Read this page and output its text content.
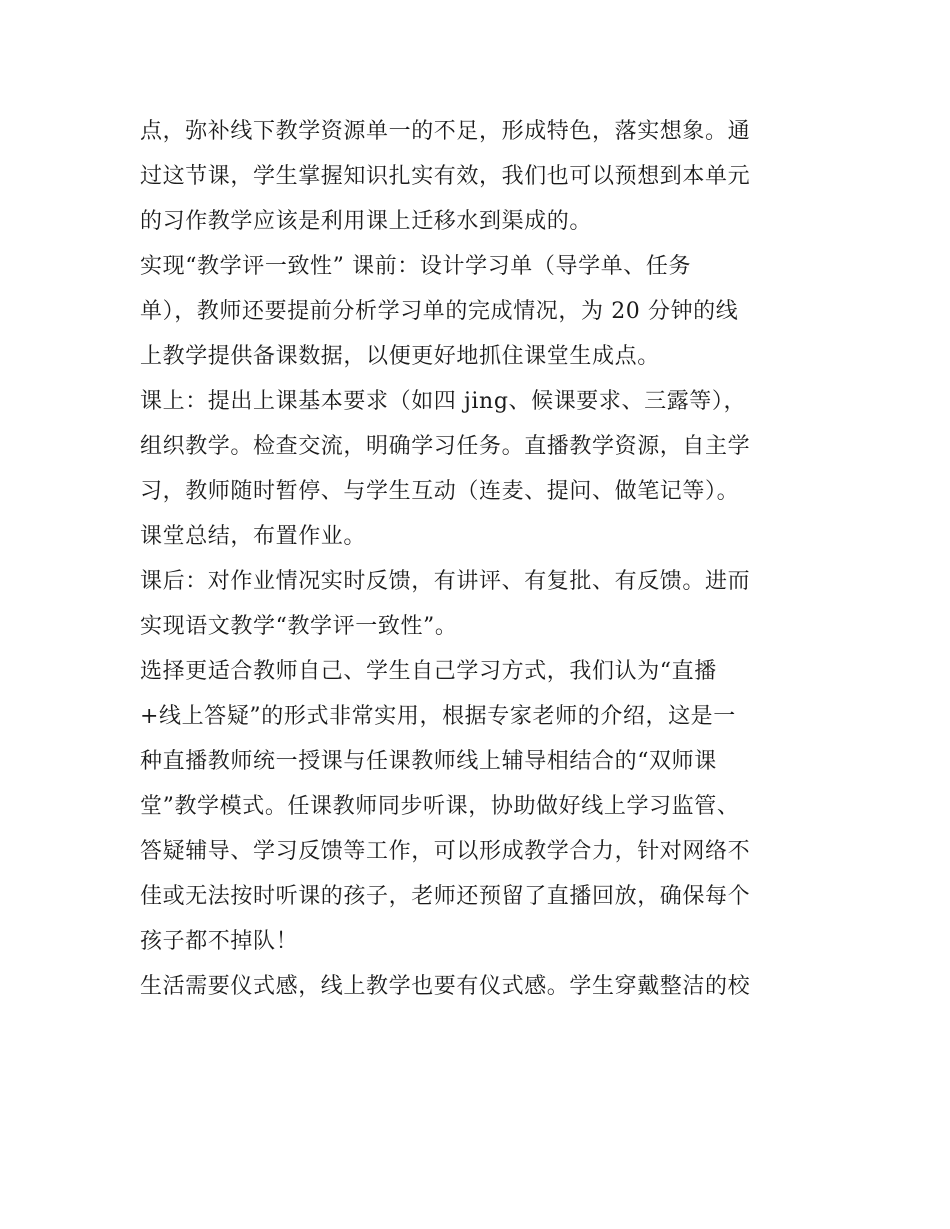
点，弥补线下教学资源单一的不足，形成特色，落实想象。通
过这节课，学生掌握知识扎实有效，我们也可以预想到本单元
的习作教学应该是利用课上迁移水到渠成的。
实现“教学评一致性” 课前：设计学习单（导学单、任务
单），教师还要提前分析学习单的完成情况，为 20 分钟的线
上教学提供备课数据，以便更好地抓住课堂生成点。
课上：提出上课基本要求（如四 jing、候课要求、三露等），
组织教学。检查交流，明确学习任务。直播教学资源，自主学
习，教师随时暂停、与学生互动（连麦、提问、做笔记等）。
课堂总结，布置作业。
课后：对作业情况实时反馈，有讲评、有复批、有反馈。进而
实现语文教学“教学评一致性”。
选择更适合教师自己、学生自己学习方式，我们认为“直播
+线上答疑”的形式非常实用，根据专家老师的介绍，这是一
种直播教师统一授课与任课教师线上辅导相结合的“双师课
堂”教学模式。任课教师同步听课，协助做好线上学习监管、
答疑辅导、学习反馈等工作，可以形成教学合力，针对网络不
佳或无法按时听课的孩子，老师还预留了直播回放，确保每个
孩子都不掉队！
生活需要仪式感，线上教学也要有仪式感。学生穿戴整洁的校
